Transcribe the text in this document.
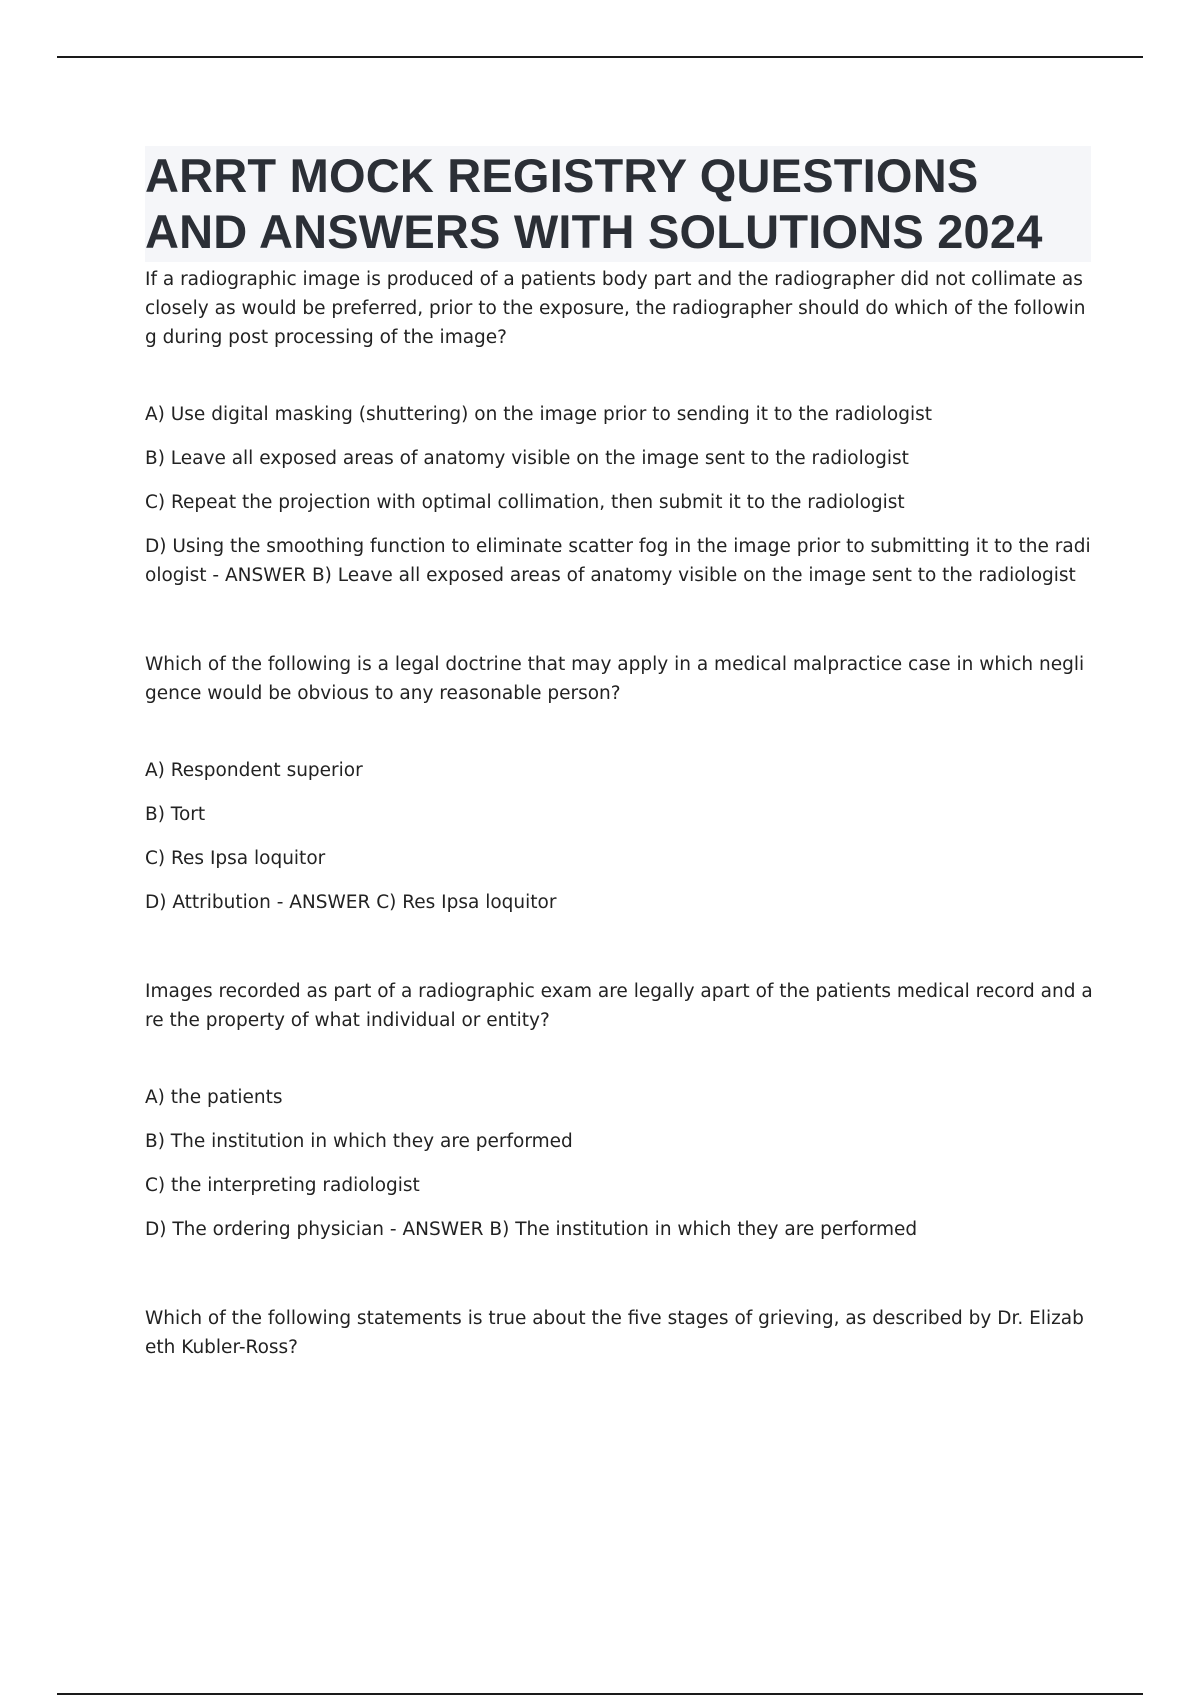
ARRT MOCK REGISTRY QUESTIONS
AND ANSWERS WITH SOLUTIONS 2024
If a radiographic image is produced of a patients body part and the radiographer did not collimate as closely as would be preferred, prior to the exposure, the radiographer should do which of the following during post processing of the image?
A) Use digital masking (shuttering) on the image prior to sending it to the radiologist
B) Leave all exposed areas of anatomy visible on the image sent to the radiologist
C) Repeat the projection with optimal collimation, then submit it to the radiologist
D) Using the smoothing function to eliminate scatter fog in the image prior to submitting it to the radiologist - ANSWER B) Leave all exposed areas of anatomy visible on the image sent to the radiologist
Which of the following is a legal doctrine that may apply in a medical malpractice case in which negligence would be obvious to any reasonable person?
A) Respondent superior
B) Tort
C) Res Ipsa loquitor
D) Attribution - ANSWER C) Res Ipsa loquitor
Images recorded as part of a radiographic exam are legally apart of the patients medical record and are the property of what individual or entity?
A) the patients
B) The institution in which they are performed
C) the interpreting radiologist
D) The ordering physician - ANSWER B) The institution in which they are performed
Which of the following statements is true about the five stages of grieving, as described by Dr. Elizabeth Kubler-Ross?
